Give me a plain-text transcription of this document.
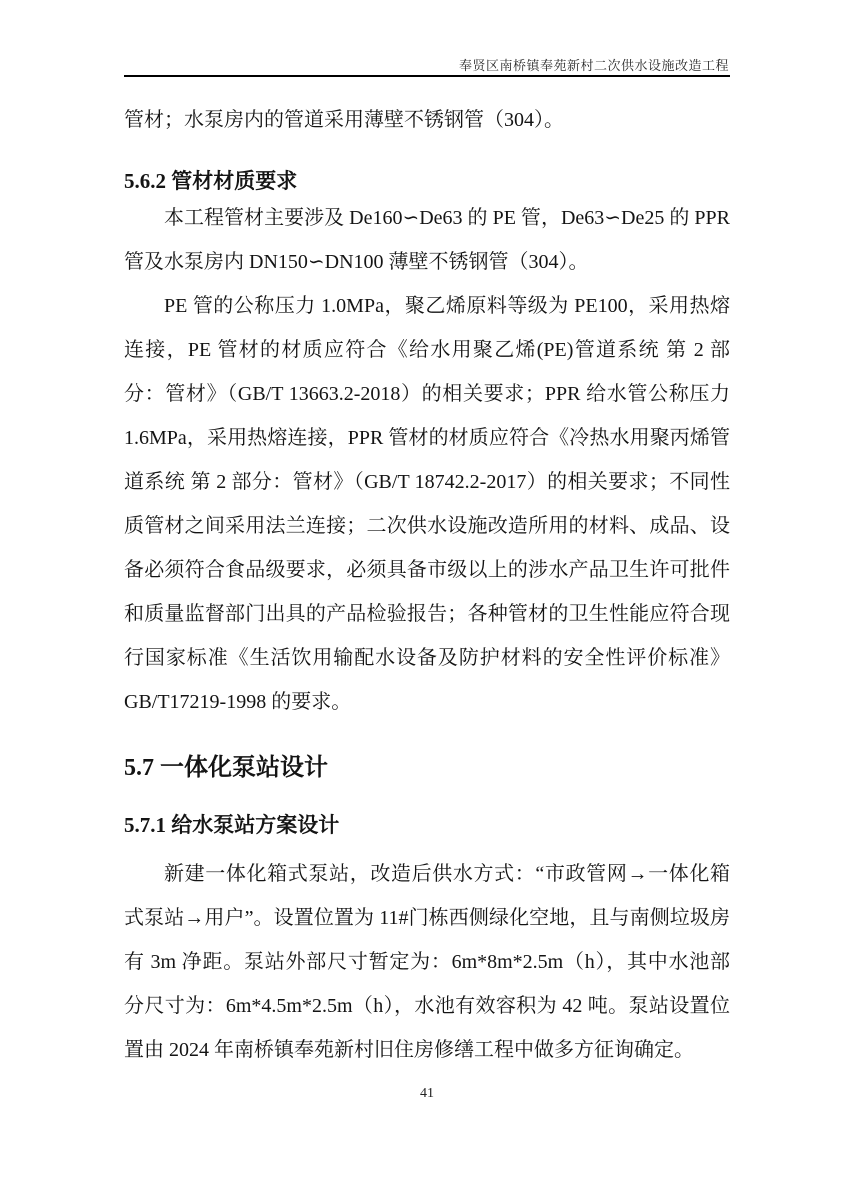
奉贤区南桥镇奉苑新村二次供水设施改造工程

管材；水泵房内的管道采用薄壁不锈钢管（304）。

5.6.2 管材材质要求

本工程管材主要涉及 De160∽De63 的 PE 管，De63∽De25 的 PPR 管及水泵房内 DN150∽DN100 薄壁不锈钢管（304）。

PE 管的公称压力 1.0MPa，聚乙烯原料等级为 PE100，采用热熔连接，PE 管材的材质应符合《给水用聚乙烯(PE)管道系统 第 2 部分：管材》（GB/T 13663.2-2018）的相关要求；PPR 给水管公称压力 1.6MPa，采用热熔连接，PPR 管材的材质应符合《冷热水用聚丙烯管道系统 第 2 部分：管材》（GB/T 18742.2-2017）的相关要求；不同性质管材之间采用法兰连接；二次供水设施改造所用的材料、成品、设备必须符合食品级要求，必须具备市级以上的涉水产品卫生许可批件和质量监督部门出具的产品检验报告；各种管材的卫生性能应符合现行国家标准《生活饮用输配水设备及防护材料的安全性评价标准》GB/T17219-1998 的要求。

5.7 一体化泵站设计
5.7.1 给水泵站方案设计

新建一体化箱式泵站，改造后供水方式：“市政管网→一体化箱式泵站→用户”。设置位置为 11#门栋西侧绿化空地，且与南侧垃圾房有 3m 净距。泵站外部尺寸暂定为：6m*8m*2.5m（h），其中水池部分尺寸为：6m*4.5m*2.5m（h），水池有效容积为 42 吨。泵站设置位置由 2024 年南桥镇奉苑新村旧住房修缮工程中做多方征询确定。

41
